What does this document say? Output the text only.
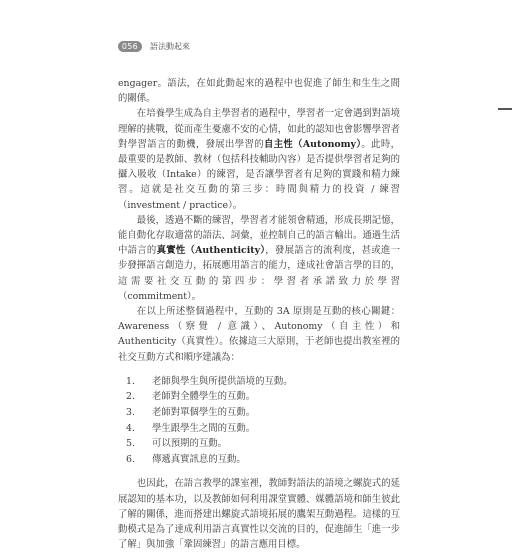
056	語法動起來

engager。語法，在如此動起來的過程中也促進了師生和生生之間的關係。

在培養學生成為自主學習者的過程中，學習者一定會遇到對語境理解的挑戰，從而產生憂慮不安的心情，如此的認知也會影響學習者對學習語言的動機，發展出學習的自主性（Autonomy）。此時，最重要的是教師、教材（包括科技輔助內容）是否提供學習者足夠的攝入吸收（Intake）的練習，是否讓學習者有足夠的實踐和精力練習。這就是社交互動的第三步：時間與精力的投資 / 練習（investment / practice）。

最後，透過不斷的練習，學習者才能領會精通，形成長期記憶，能自動化存取適當的語法、詞彙，並控制自己的語言輸出。通過生活中語言的真實性（Authenticity），發展語言的流利度，甚或進一步發揮語言創造力，拓展應用語言的能力，達成社會語言學的目的，這需要社交互動的第四步：學習者承諾致力於學習（commitment）。

在以上所述整個過程中，互動的 3A 原則是互動的核心關鍵：Awareness（察覺 / 意識）、Autonomy（自主性）和 Authenticity（真實性）。依據這三大原則，于老師也提出教室裡的社交互動方式和順序建議為：

1.	老師與學生與所提供語境的互動。
2.	老師對全體學生的互動。
3.	老師對單個學生的互動。
4.	學生跟學生之間的互動。
5.	可以預期的互動。
6.	傳遞真實訊息的互動。

也因此，在語言教學的課室裡，教師對語法的語境之螺旋式的延展認知的基本功，以及教師如何利用課堂實體、媒體語境和師生彼此了解的關係，進而搭建出螺旋式語境拓展的鷹架互動過程。這樣的互動模式是為了達成利用語言真實性以交流的目的，促進師生「進一步了解」與加強「鞏固練習」的語言應用目標。
